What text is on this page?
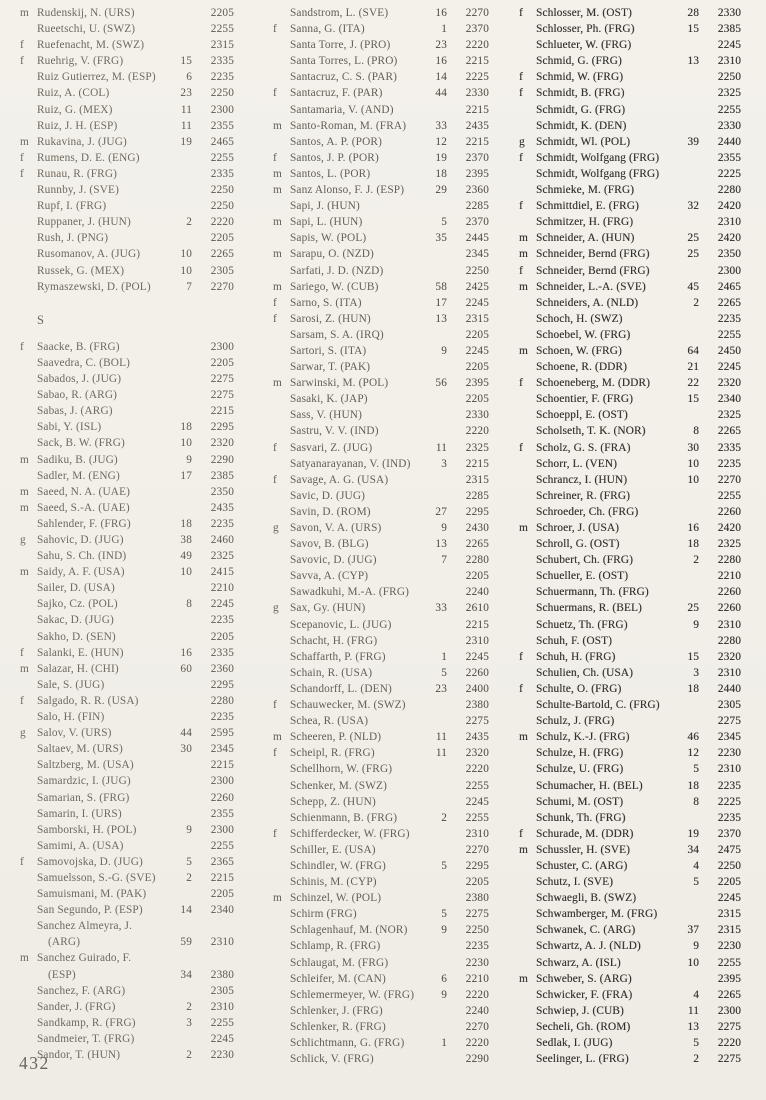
m Rudenskij, N. (URS)	2205
Rueetschi, U. (SWZ)	2255
f	Ruefenacht, M. (SWZ)	2315
f	Ruehrig, V. (FRG)	15	2335
Ruiz Gutierrez, M. (ESP)	6	2235
Ruiz, A. (COL)	23	2250
Ruiz, G. (MEX)	11	2300
Ruiz, J. H. (ESP)	11	2355
m Rukavina, J. (JUG)	19	2465
f	Rumens, D. E. (ENG)	2255
f	Runau, R. (FRG)	2335
Runnby, J. (SVE)	2250
Rupf, I. (FRG)	2250
Ruppaner, J. (HUN)	2	2220
Rush, J. (PNG)	2205
Rusomanov, A. (JUG)	10	2265
Russek, G. (MEX)	10	2305
Rymaszewski, D. (POL)	7	2270
S
f	Saacke, B. (FRG)	2300
Saavedra, C. (BOL)	2205
Sabados, J. (JUG)	2275
Sabao, R. (ARG)	2275
Sabas, J. (ARG)	2215
Sabi, Y. (ISL)	18	2295
Sack, B. W. (FRG)	10	2320
m Sadiku, B. (JUG)	9	2290
Sadler, M. (ENG)	17	2385
m Saeed, N. A. (UAE)	2350
m Saeed, S.-A. (UAE)	2435
Sahlender, F. (FRG)	18	2235
g Sahovic, D. (JUG)	38	2460
Sahu, S. Ch. (IND)	49	2325
m Saidy, A. F. (USA)	10	2415
Sailer, D. (USA)	2210
Sajko, Cz. (POL)	8	2245
Sakac, D. (JUG)	2235
Sakho, D. (SEN)	2205
f	Salanki, E. (HUN)	16	2335
m Salazar, H. (CHI)	60	2360
Sale, S. (JUG)	2295
f	Salgado, R. R. (USA)	2280
Salo, H. (FIN)	2235
g Salov, V. (URS)	44	2595
Saltaev, M. (URS)	30	2345
Saltzberg, M. (USA)	2215
Samardzic, I. (JUG)	2300
Samarian, S. (FRG)	2260
Samarin, I. (URS)	2355
Samborski, H. (POL)	9	2300
Samimi, A. (USA)	2255
f	Samovojska, D. (JUG)	5	2365
Samuelsson, S.-G. (SVE)	2	2215
Samuismani, M. (PAK)	2205
San Segundo, P. (ESP)	14	2340
Sanchez Almeyra, J.
(ARG)	59	2310
m Sanchez Guirado, F.
(ESP)	34	2380
Sanchez, F. (ARG)	2305
Sander, J. (FRG)	2	2310
Sandkamp, R. (FRG)	3	2255
Sandmeier, T. (FRG)	2245
Sandor, T. (HUN)	2	2230
Sandstrom, L. (SVE)	16	2270
f	Sanna, G. (ITA)	1	2370
Santa Torre, J. (PRO)	23	2220
Santa Torres, L. (PRO)	16	2215
Santacruz, C. S. (PAR)	14	2225
f	Santacruz, F. (PAR)	44	2330
Santamaria, V. (AND)	2215
m Santo-Roman, M. (FRA)	33	2435
Santos, A. P. (POR)	12	2215
f	Santos, J. P. (POR)	19	2370
m Santos, L. (POR)	18	2395
m Sanz Alonso, F. J. (ESP)	29	2360
Sapi, J. (HUN)	2285
m Sapi, L. (HUN)	5	2370
Sapis, W. (POL)	35	2445
m Sarapu, O. (NZD)	2345
Sarfati, J. D. (NZD)	2250
m Sariego, W. (CUB)	58	2425
f	Sarno, S. (ITA)	17	2245
f	Sarosi, Z. (HUN)	13	2315
Sarsam, S. A. (IRQ)	2205
Sartori, S. (ITA)	9	2245
Sarwar, T. (PAK)	2205
m Sarwinski, M. (POL)	56	2395
Sasaki, K. (JAP)	2205
Sass, V. (HUN)	2330
Sastru, V. V. (IND)	2220
f	Sasvari, Z. (JUG)	11	2325
Satyanarayanan, V. (IND)	3	2215
f	Savage, A. G. (USA)	2315
Savic, D. (JUG)	2285
Savin, D. (ROM)	27	2295
g Savon, V. A. (URS)	9	2430
Savov, B. (BLG)	13	2265
Savovic, D. (JUG)	7	2280
Savva, A. (CYP)	2205
Sawadkuhi, M.-A. (FRG)	2240
g Sax, Gy. (HUN)	33	2610
Scepanovic, L. (JUG)	2215
Schacht, H. (FRG)	2310
Schaffarth, P. (FRG)	1	2245
Schain, R. (USA)	5	2260
Schandorff, L. (DEN)	23	2400
f	Schauwecker, M. (SWZ)	2380
Schea, R. (USA)	2275
m Scheeren, P. (NLD)	11	2435
f	Scheipl, R. (FRG)	11	2320
Schellhorn, W. (FRG)	2220
Schenker, M. (SWZ)	2255
Schepp, Z. (HUN)	2245
Schienmann, B. (FRG)	2	2255
f	Schifferdecker, W. (FRG)	2310
Schiller, E. (USA)	2270
Schindler, W. (FRG)	5	2295
Schinis, M. (CYP)	2205
m Schinzel, W. (POL)	2380
Schirm (FRG)	5	2275
Schlagenhauf, M. (NOR)	9	2250
Schlamp, R. (FRG)	2235
Schlaugat, M. (FRG)	2230
Schleifer, M. (CAN)	6	2210
Schlemermeyer, W. (FRG)	9	2220
Schlenker, J. (FRG)	2240
Schlenker, R. (FRG)	2270
Schlichtmann, G. (FRG)	1	2220
Schlick, V. (FRG)	2290
f	Schlosser, M. (OST)	28	2330
Schlosser, Ph. (FRG)	15	2385
Schlueter, W. (FRG)	2245
Schmid, G. (FRG)	13	2310
f	Schmid, W. (FRG)	2250
f	Schmidt, B. (FRG)	2325
Schmidt, G. (FRG)	2255
Schmidt, K. (DEN)	2330
g Schmidt, Wl. (POL)	39	2440
f	Schmidt, Wolfgang (FRG)	2355
Schmidt, Wolfgang (FRG)	2225
Schmieke, M. (FRG)	2280
f	Schmittdiel, E. (FRG)	32	2420
Schmitzer, H. (FRG)	2310
m Schneider, A. (HUN)	25	2420
m Schneider, Bernd (FRG)	25	2350
f	Schneider, Bernd (FRG)	2300
m Schneider, L.-A. (SVE)	45	2465
Schneiders, A. (NLD)	2	2265
Schoch, H. (SWZ)	2235
Schoebel, W. (FRG)	2255
m Schoen, W. (FRG)	64	2450
Schoene, R. (DDR)	21	2245
f	Schoeneberg, M. (DDR)	22	2320
Schoentier, F. (FRG)	15	2340
Schoeppl, E. (OST)	2325
Scholseth, T. K. (NOR)	8	2265
f	Scholz, G. S. (FRA)	30	2335
Schorr, L. (VEN)	10	2235
Schrancz, I. (HUN)	10	2270
Schreiner, R. (FRG)	2255
Schroeder, Ch. (FRG)	2260
m Schroer, J. (USA)	16	2420
Schroll, G. (OST)	18	2325
Schubert, Ch. (FRG)	2	2280
Schueller, E. (OST)	2210
Schuermann, Th. (FRG)	2260
Schuermans, R. (BEL)	25	2260
Schuetz, Th. (FRG)	9	2310
Schuh, F. (OST)	2280
f	Schuh, H. (FRG)	15	2320
Schulien, Ch. (USA)	3	2310
f	Schulte, O. (FRG)	18	2440
Schulte-Bartold, C. (FRG)	2305
Schulz, J. (FRG)	2275
m Schulz, K.-J. (FRG)	46	2345
Schulze, H. (FRG)	12	2230
Schulze, U. (FRG)	5	2310
Schumacher, H. (BEL)	18	2235
Schumi, M. (OST)	8	2225
Schunk, Th. (FRG)	2235
f	Schurade, M. (DDR)	19	2370
m Schussler, H. (SVE)	34	2475
Schuster, C. (ARG)	4	2250
Schutz, I. (SVE)	5	2205
Schwaegli, B. (SWZ)	2245
Schwamberger, M. (FRG)	2315
Schwanek, C. (ARG)	37	2315
Schwartz, A. J. (NLD)	9	2230
Schwarz, A. (ISL)	10	2255
m Schweber, S. (ARG)	2395
Schwicker, F. (FRA)	4	2265
Schwiep, J. (CUB)	11	2300
Secheli, Gh. (ROM)	13	2275
Sedlak, I. (JUG)	5	2220
Seelinger, L. (FRG)	2	2275
432
